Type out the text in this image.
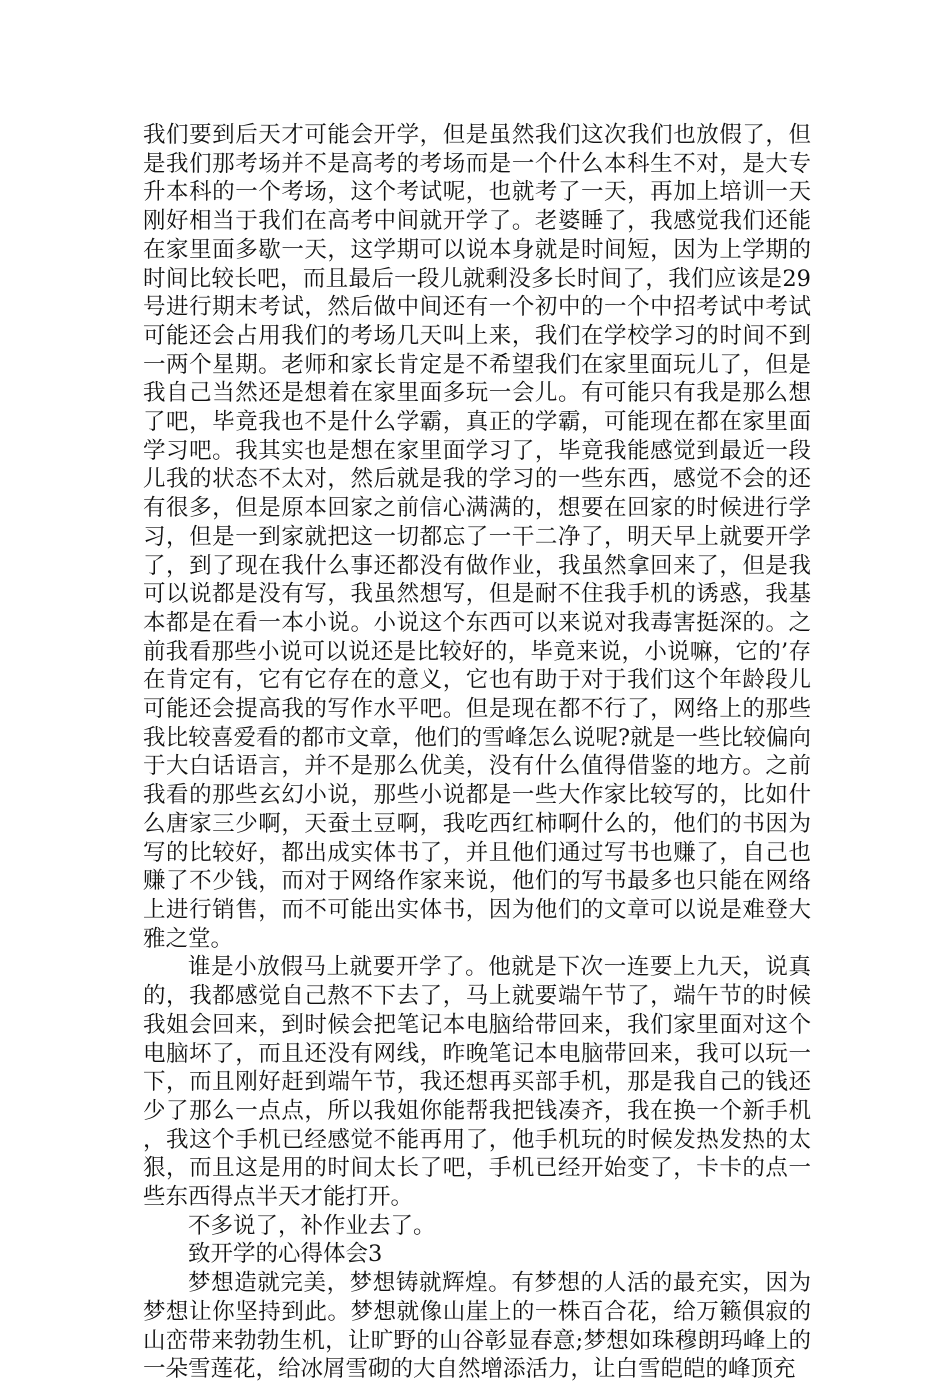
我们要到后天才可能会开学，但是虽然我们这次我们也放假了，但是我们那考场并不是高考的考场而是一个什么本科生不对，是大专升本科的一个考场，这个考试呢，也就考了一天，再加上培训一天刚好相当于我们在高考中间就开学了。老婆睡了，我感觉我们还能在家里面多歇一天，这学期可以说本身就是时间短，因为上学期的时间比较长吧，而且最后一段儿就剩没多长时间了，我们应该是29号进行期末考试，然后做中间还有一个初中的一个中招考试中考试可能还会占用我们的考场几天叫上来，我们在学校学习的时间不到一两个星期。老师和家长肯定是不希望我们在家里面玩儿了，但是我自己当然还是想着在家里面多玩一会儿。有可能只有我是那么想了吧，毕竟我也不是什么学霸，真正的学霸，可能现在都在家里面学习吧。我其实也是想在家里面学习了，毕竟我能感觉到最近一段儿我的状态不太对，然后就是我的学习的一些东西，感觉不会的还有很多，但是原本回家之前信心满满的，想要在回家的时候进行学习，但是一到家就把这一切都忘了一干二净了，明天早上就要开学了，到了现在我什么事还都没有做作业，我虽然拿回来了，但是我可以说都是没有写，我虽然想写，但是耐不住我手机的诱惑，我基本都是在看一本小说。小说这个东西可以来说对我毒害挺深的。之前我看那些小说可以说还是比较好的，毕竟来说，小说嘛，它的’存在肯定有，它有它存在的意义，它也有助于对于我们这个年龄段儿可能还会提高我的写作水平吧。但是现在都不行了，网络上的那些我比较喜爱看的都市文章，他们的雪峰怎么说呢?就是一些比较偏向于大白话语言，并不是那么优美，没有什么值得借鉴的地方。之前我看的那些玄幻小说，那些小说都是一些大作家比较写的，比如什么唐家三少啊，天蚕土豆啊，我吃西红柿啊什么的，他们的书因为写的比较好，都出成实体书了，并且他们通过写书也赚了，自己也赚了不少钱，而对于网络作家来说，他们的写书最多也只能在网络上进行销售，而不可能出实体书，因为他们的文章可以说是难登大雅之堂。

谁是小放假马上就要开学了。他就是下次一连要上九天，说真的，我都感觉自己熬不下去了，马上就要端午节了，端午节的时候我姐会回来，到时候会把笔记本电脑给带回来，我们家里面对这个电脑坏了，而且还没有网线，昨晚笔记本电脑带回来，我可以玩一下，而且刚好赶到端午节，我还想再买部手机，那是我自己的钱还少了那么一点点，所以我姐你能帮我把钱凑齐，我在换一个新手机，我这个手机已经感觉不能再用了，他手机玩的时候发热发热的太狠，而且这是用的时间太长了吧，手机已经开始变了，卡卡的点一些东西得点半天才能打开。

不多说了，补作业去了。

致开学的心得体会3

梦想造就完美，梦想铸就辉煌。有梦想的人活的最充实，因为梦想让你坚持到此。梦想就像山崖上的一株百合花，给万籁俱寂的山峦带来勃勃生机，让旷野的山谷彰显春意;梦想如珠穆朗玛峰上的一朵雪莲花，给冰屑雪砌的大自然增添活力，让白雪皑皑的峰顶充
